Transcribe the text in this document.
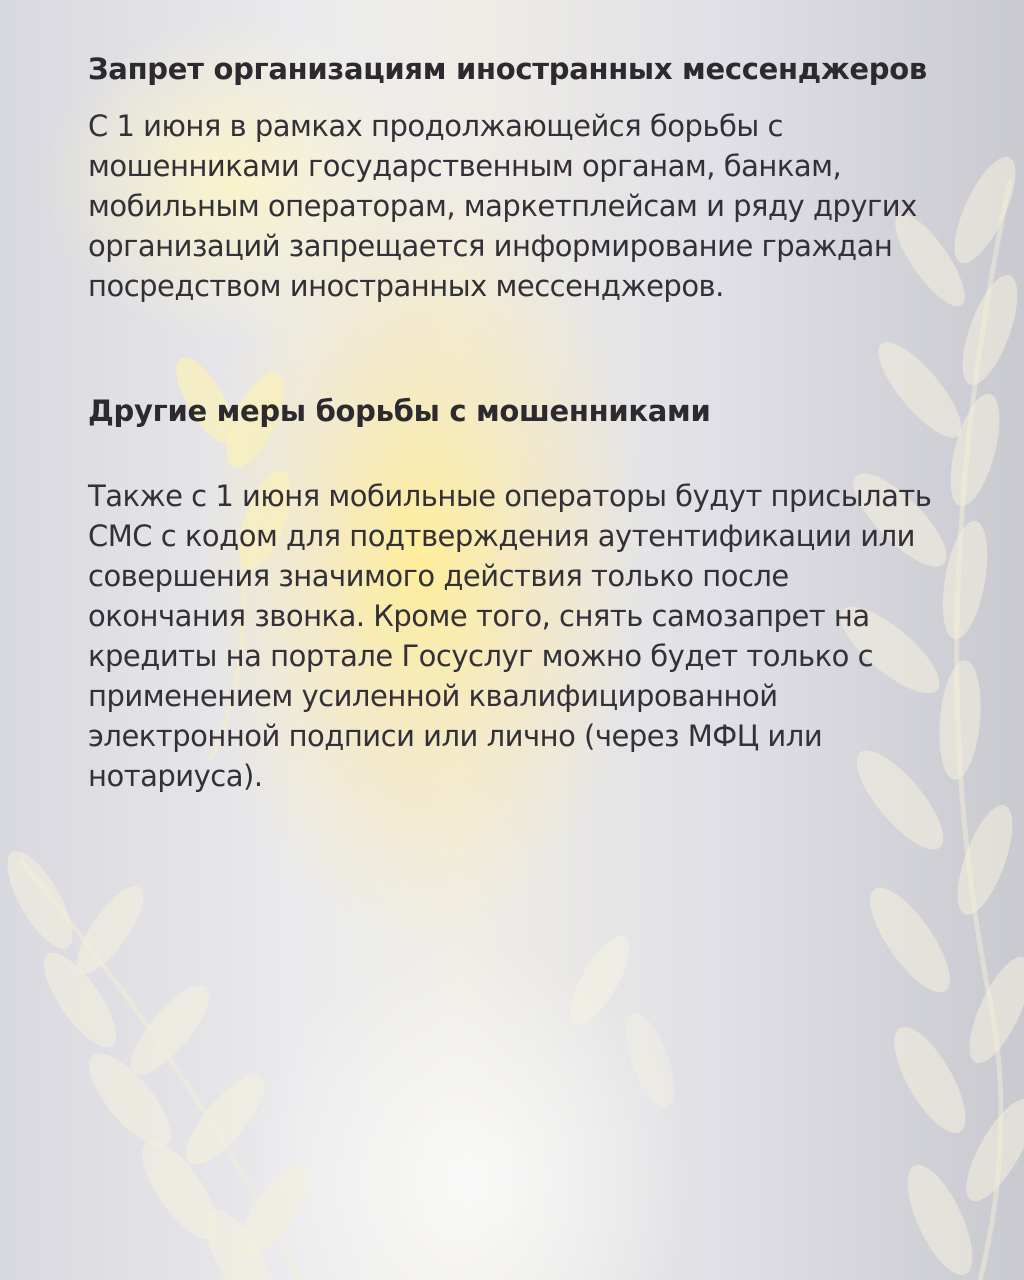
Запрет организациям иностранных мессенджеров

С 1 июня в рамках продолжающейся борьбы с мошенниками государственным органам, банкам, мобильным операторам, маркетплейсам и ряду других организаций запрещается информирование граждан посредством иностранных мессенджеров.

Другие меры борьбы с мошенниками

Также с 1 июня мобильные операторы будут присылать СМС с кодом для подтверждения аутентификации или совершения значимого действия только после окончания звонка. Кроме того, снять самозапрет на кредиты на портале Госуслуг можно будет только с применением усиленной квалифицированной электронной подписи или лично (через МФЦ или нотариуса).
